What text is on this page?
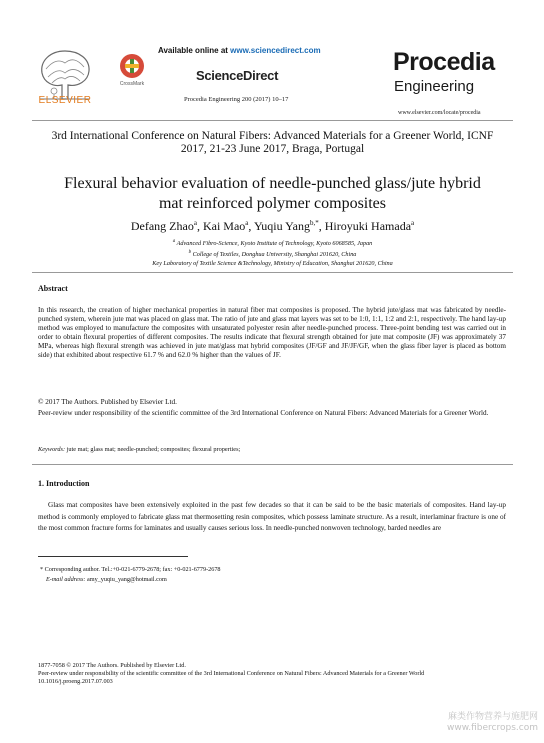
ELSEVIER
CrossMark
Available online at www.sciencedirect.com
ScienceDirect
Procedia Engineering 200 (2017) 10–17
Procedia
Engineering
www.elsevier.com/locate/procedia
3rd International Conference on Natural Fibers: Advanced Materials for a Greener World, ICNF
2017, 21-23 June 2017, Braga, Portugal
Flexural behavior evaluation of needle-punched glass/jute hybrid
mat reinforced polymer composites
Defang Zhao$^a$, Kai Mao$^a$, Yuqiu Yang$^{b,*}$, Hiroyuki Hamada$^a$
$^a$ Advanced Fibro-Science, Kyoto Institute of Technology, Kyoto 6068585, Japan
$^b$ College of Textiles, Donghua University, Shanghai 201620, China
Key Laboratory of Textile Science &Technology, Ministry of Education, Shanghai 201620, China
Abstract
In this research, the creation of higher mechanical properties in natural fiber mat composites is proposed. The hybrid jute/glass mat was fabricated by needle-punched system, wherein jute mat was placed on glass mat. The ratio of jute and glass mat layers was set to be 1:0, 1:1, 1:2 and 2:1, respectively. The hand lay-up method was employed to manufacture the composites with unsaturated polyester resin after needle-punched process. Three-point bending test was carried out in order to obtain flexural properties of different composites. The results indicate that flexural strength obtained for jute mat composite (JF) was approximately 37 MPa, whereas high flexural strength was achieved in jute mat/glass mat hybrid composites (JF/GF and JF/JF/GF, when the glass fiber layer is placed as bottom side) that exhibited about respective 61.7 % and 62.0 % higher than the values of JF.
© 2017 The Authors. Published by Elsevier Ltd.
Peer-review under responsibility of the scientific committee of the 3rd International Conference on Natural Fibers: Advanced Materials for a Greener World.
Keywords: jute mat; glass mat; needle-punched; composites; flexural properties;
1. Introduction
Glass mat composites have been extensively exploited in the past few decades so that it can be said to be the basic materials of composites. Hand lay-up method is commonly employed to fabricate glass mat thermosetting resin composites, which possess laminate structure. As a result, interlaminar fracture is one of the most common fracture forms for laminates and usually causes serious loss. In needle-punched nonwoven technology, barded needles are
* Corresponding author. Tel.:+0-021-6779-2678; fax: +0-021-6779-2678
E-mail address: amy_yuqiu_yang@hotmail.com
1877-7058 © 2017 The Authors. Published by Elsevier Ltd.
Peer-review under responsibility of the scientific committee of the 3rd International Conference on Natural Fibers: Advanced Materials for a Greener World
10.1016/j.proeng.2017.07.003
麻类作物营养与施肥网
www.fibercrops.com
